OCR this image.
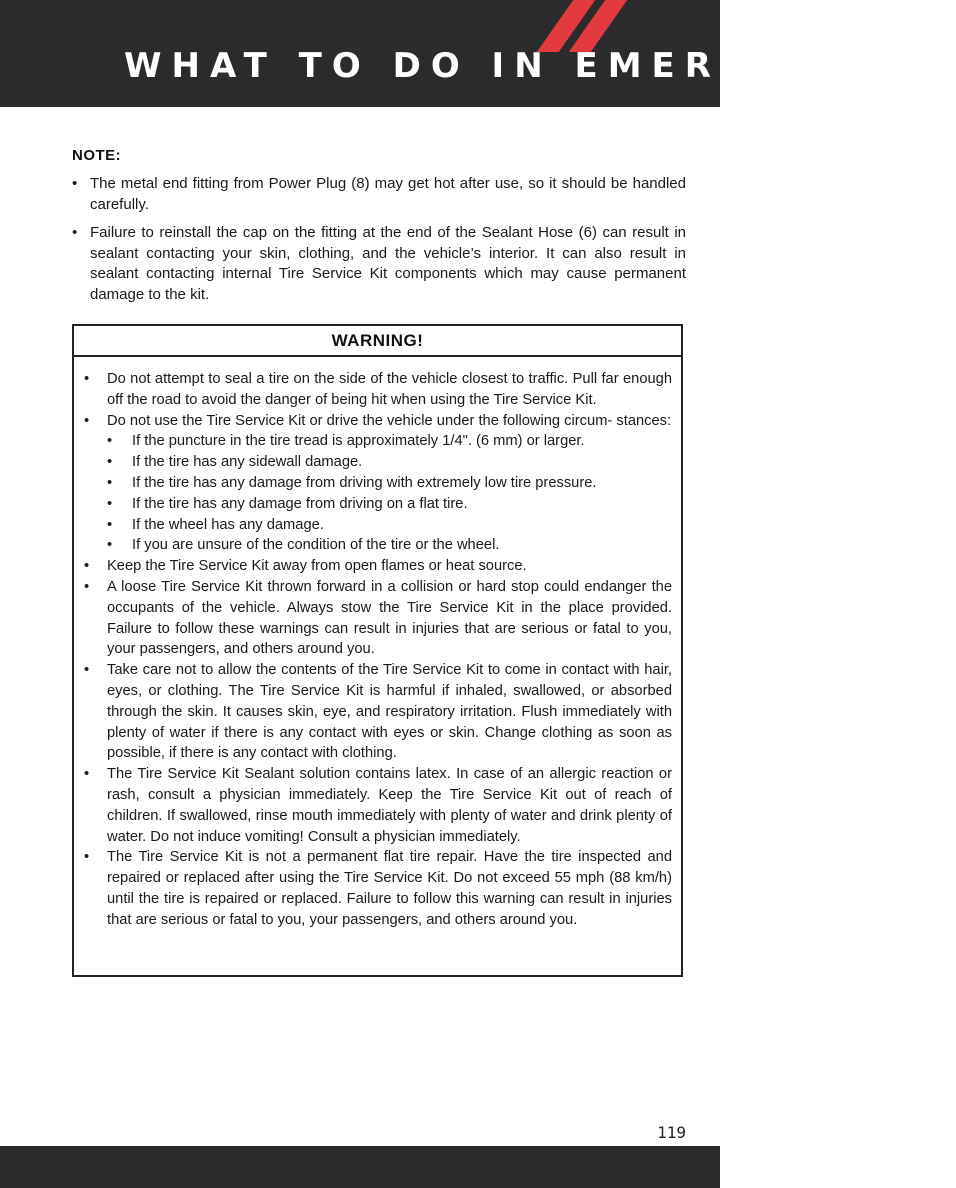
WHAT TO DO IN EMERGENCIES
NOTE:
• The metal end fitting from Power Plug (8) may get hot after use, so it should be handled carefully.
• Failure to reinstall the cap on the fitting at the end of the Sealant Hose (6) can result in sealant contacting your skin, clothing, and the vehicle’s interior. It can also result in sealant contacting internal Tire Service Kit components which may cause permanent damage to the kit.
WARNING!
• Do not attempt to seal a tire on the side of the vehicle closest to traffic. Pull far enough off the road to avoid the danger of being hit when using the Tire Service Kit.
• Do not use the Tire Service Kit or drive the vehicle under the following circum- stances:
• If the puncture in the tire tread is approximately 1/4". (6 mm) or larger.
• If the tire has any sidewall damage.
• If the tire has any damage from driving with extremely low tire pressure.
• If the tire has any damage from driving on a flat tire.
• If the wheel has any damage.
• If you are unsure of the condition of the tire or the wheel.
• Keep the Tire Service Kit away from open flames or heat source.
• A loose Tire Service Kit thrown forward in a collision or hard stop could endanger the occupants of the vehicle. Always stow the Tire Service Kit in the place provided. Failure to follow these warnings can result in injuries that are serious or fatal to you, your passengers, and others around you.
• Take care not to allow the contents of the Tire Service Kit to come in contact with hair, eyes, or clothing. The Tire Service Kit is harmful if inhaled, swallowed, or absorbed through the skin. It causes skin, eye, and respiratory irritation. Flush immediately with plenty of water if there is any contact with eyes or skin. Change clothing as soon as possible, if there is any contact with clothing.
• The Tire Service Kit Sealant solution contains latex. In case of an allergic reaction or rash, consult a physician immediately. Keep the Tire Service Kit out of reach of children. If swallowed, rinse mouth immediately with plenty of water and drink plenty of water. Do not induce vomiting! Consult a physician immediately.
• The Tire Service Kit is not a permanent flat tire repair. Have the tire inspected and repaired or replaced after using the Tire Service Kit. Do not exceed 55 mph (88 km/h) until the tire is repaired or replaced. Failure to follow this warning can result in injuries that are serious or fatal to you, your passengers, and others around you.
119
